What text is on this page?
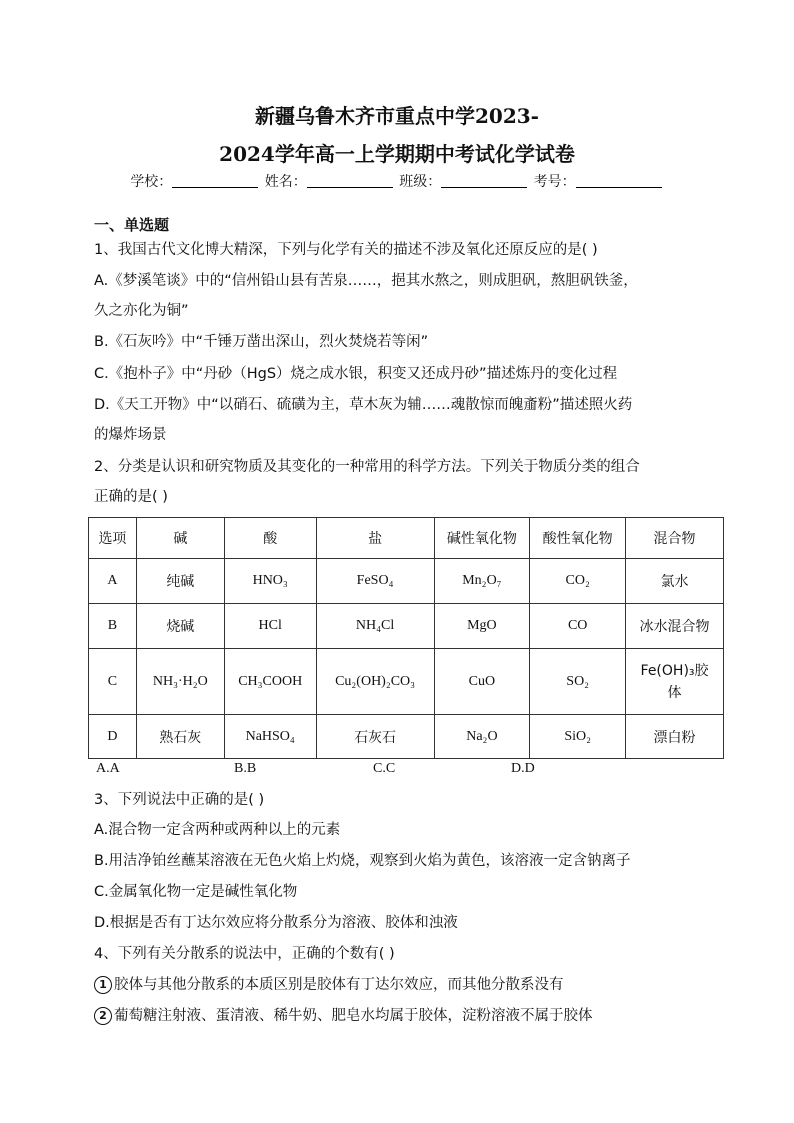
新疆乌鲁木齐市重点中学2023-
2024学年高一上学期期中考试化学试卷
学校：	姓名：	班级：	考号：
一、单选题
1、我国古代文化博大精深，下列与化学有关的描述不涉及氧化还原反应的是( )
A.《梦溪笔谈》中的“信州铅山县有苦泉……，挹其水熬之，则成胆矾，熬胆矾铁釜，
久之亦化为铜”
B.《石灰吟》中“千锤万凿出深山，烈火焚烧若等闲”
C.《抱朴子》中“丹砂（HgS）烧之成水银，积变又还成丹砂”描述炼丹的变化过程
D.《天工开物》中“以硝石、硫磺为主，草木灰为辅……魂散惊而魄齑粉”描述照火药
的爆炸场景
2、分类是认识和研究物质及其变化的一种常用的科学方法。下列关于物质分类的组合
正确的是( )
选项	碱	酸	盐	碱性氧化物	酸性氧化物	混合物
A	纯碱	HNO₃	FeSO₄	Mn₂O₇	CO₂	氯水
B	烧碱	HCl	NH₄Cl	MgO	CO	冰水混合物
C	NH₃·H₂O	CH₃COOH	Cu₂(OH)₂CO₃	CuO	SO₂	Fe(OH)₃胶体
D	熟石灰	NaHSO₄	石灰石	Na₂O	SiO₂	漂白粉
A.A	B.B	C.C	D.D
3、下列说法中正确的是( )
A.混合物一定含两种或两种以上的元素
B.用洁净铂丝蘸某溶液在无色火焰上灼烧，观察到火焰为黄色，该溶液一定含钠离子
C.金属氧化物一定是碱性氧化物
D.根据是否有丁达尔效应将分散系分为溶液、胶体和浊液
4、下列有关分散系的说法中，正确的个数有( )
1 胶体与其他分散系的本质区别是胶体有丁达尔效应，而其他分散系没有
2 葡萄糖注射液、蛋清液、稀牛奶、肥皂水均属于胶体，淀粉溶液不属于胶体
